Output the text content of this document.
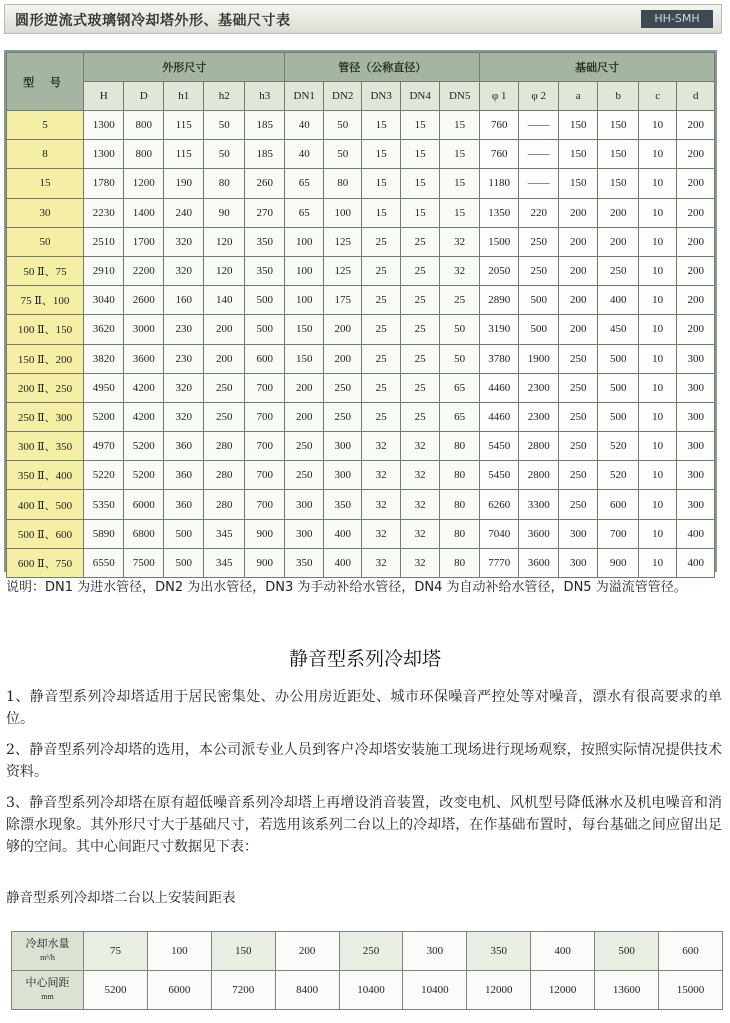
圆形逆流式玻璃钢冷却塔外形、基础尺寸表	HH-SMH
型 号	外形尺寸					管径（公称直径）					基础尺寸					
	H	D	h1	h2	h3	DN1	DN2	DN3	DN4	DN5	φ 1	φ 2	a	b	c	d
5	1300	800	115	50	185	40	50	15	15	15	760	——	150	150	10	200
8	1300	800	115	50	185	40	50	15	15	15	760	——	150	150	10	200
15	1780	1200	190	80	260	65	80	15	15	15	1180	——	150	150	10	200
30	2230	1400	240	90	270	65	100	15	15	15	1350	220	200	200	10	200
50	2510	1700	320	120	350	100	125	25	25	32	1500	250	200	200	10	200
50 Ⅱ、75	2910	2200	320	120	350	100	125	25	25	32	2050	250	200	250	10	200
75 Ⅱ、100	3040	2600	160	140	500	100	175	25	25	25	2890	500	200	400	10	200
100 Ⅱ、150	3620	3000	230	200	500	150	200	25	25	50	3190	500	200	450	10	200
150 Ⅱ、200	3820	3600	230	200	600	150	200	25	25	50	3780	1900	250	500	10	300
200 Ⅱ、250	4950	4200	320	250	700	200	250	25	25	65	4460	2300	250	500	10	300
250 Ⅱ、300	5200	4200	320	250	700	200	250	25	25	65	4460	2300	250	500	10	300
300 Ⅱ、350	4970	5200	360	280	700	250	300	32	32	80	5450	2800	250	520	10	300
350 Ⅱ、400	5220	5200	360	280	700	250	300	32	32	80	5450	2800	250	520	10	300
400 Ⅱ、500	5350	6000	360	280	700	300	350	32	32	80	6260	3300	250	600	10	300
500 Ⅱ、600	5890	6800	500	345	900	300	400	32	32	80	7040	3600	300	700	10	400
600 Ⅱ、750	6550	7500	500	345	900	350	400	32	32	80	7770	3600	300	900	10	400
说明：DN1 为进水管径，DN2 为出水管径，DN3 为手动补给水管径，DN4 为自动补给水管径，DN5 为溢流管管径。
静音型系列冷却塔
1、静音型系列冷却塔适用于居民密集处、办公用房近距处、城市环保噪音严控处等对噪音，漂水有很高要求的单位。
2、静音型系列冷却塔的选用，本公司派专业人员到客户冷却塔安装施工现场进行现场观察，按照实际情况提供技术资料。
3、静音型系列冷却塔在原有超低噪音系列冷却塔上再增设消音装置，改变电机、风机型号降低淋水及机电噪音和消除漂水现象。其外形尺寸大于基础尺寸，若选用该系列二台以上的冷却塔，在作基础布置时，每台基础之间应留出足够的空间。其中心间距尺寸数据见下表：
静音型系列冷却塔二台以上安装间距表
冷却水量
m³/h	75	100	150	200	250	300	350	400	500	600
中心间距
mm	5200	6000	7200	8400	10400	10400	12000	12000	13600	15000
